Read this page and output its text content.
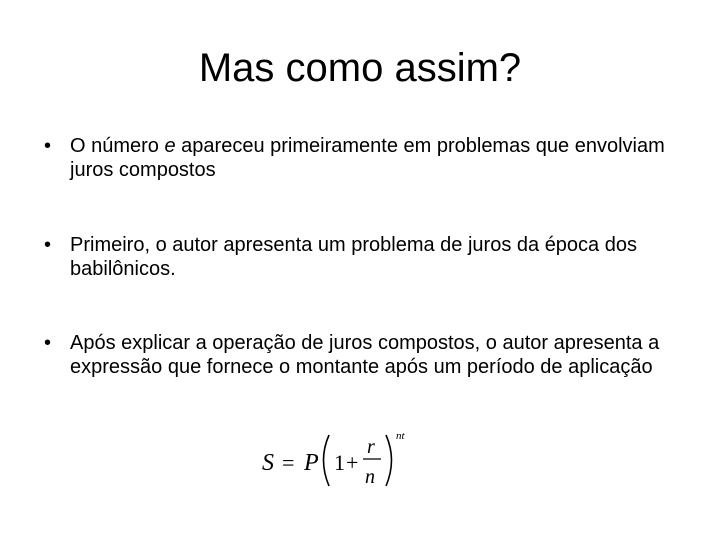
Mas como assim?
• O número e apareceu primeiramente em problemas que envolviam juros compostos
• Primeiro, o autor apresenta um problema de juros da época dos babilônicos.
• Após explicar a operação de juros compostos, o autor apresenta a expressão que fornece o montante após um período de aplicação
S = P 1 +
r
n
nt
